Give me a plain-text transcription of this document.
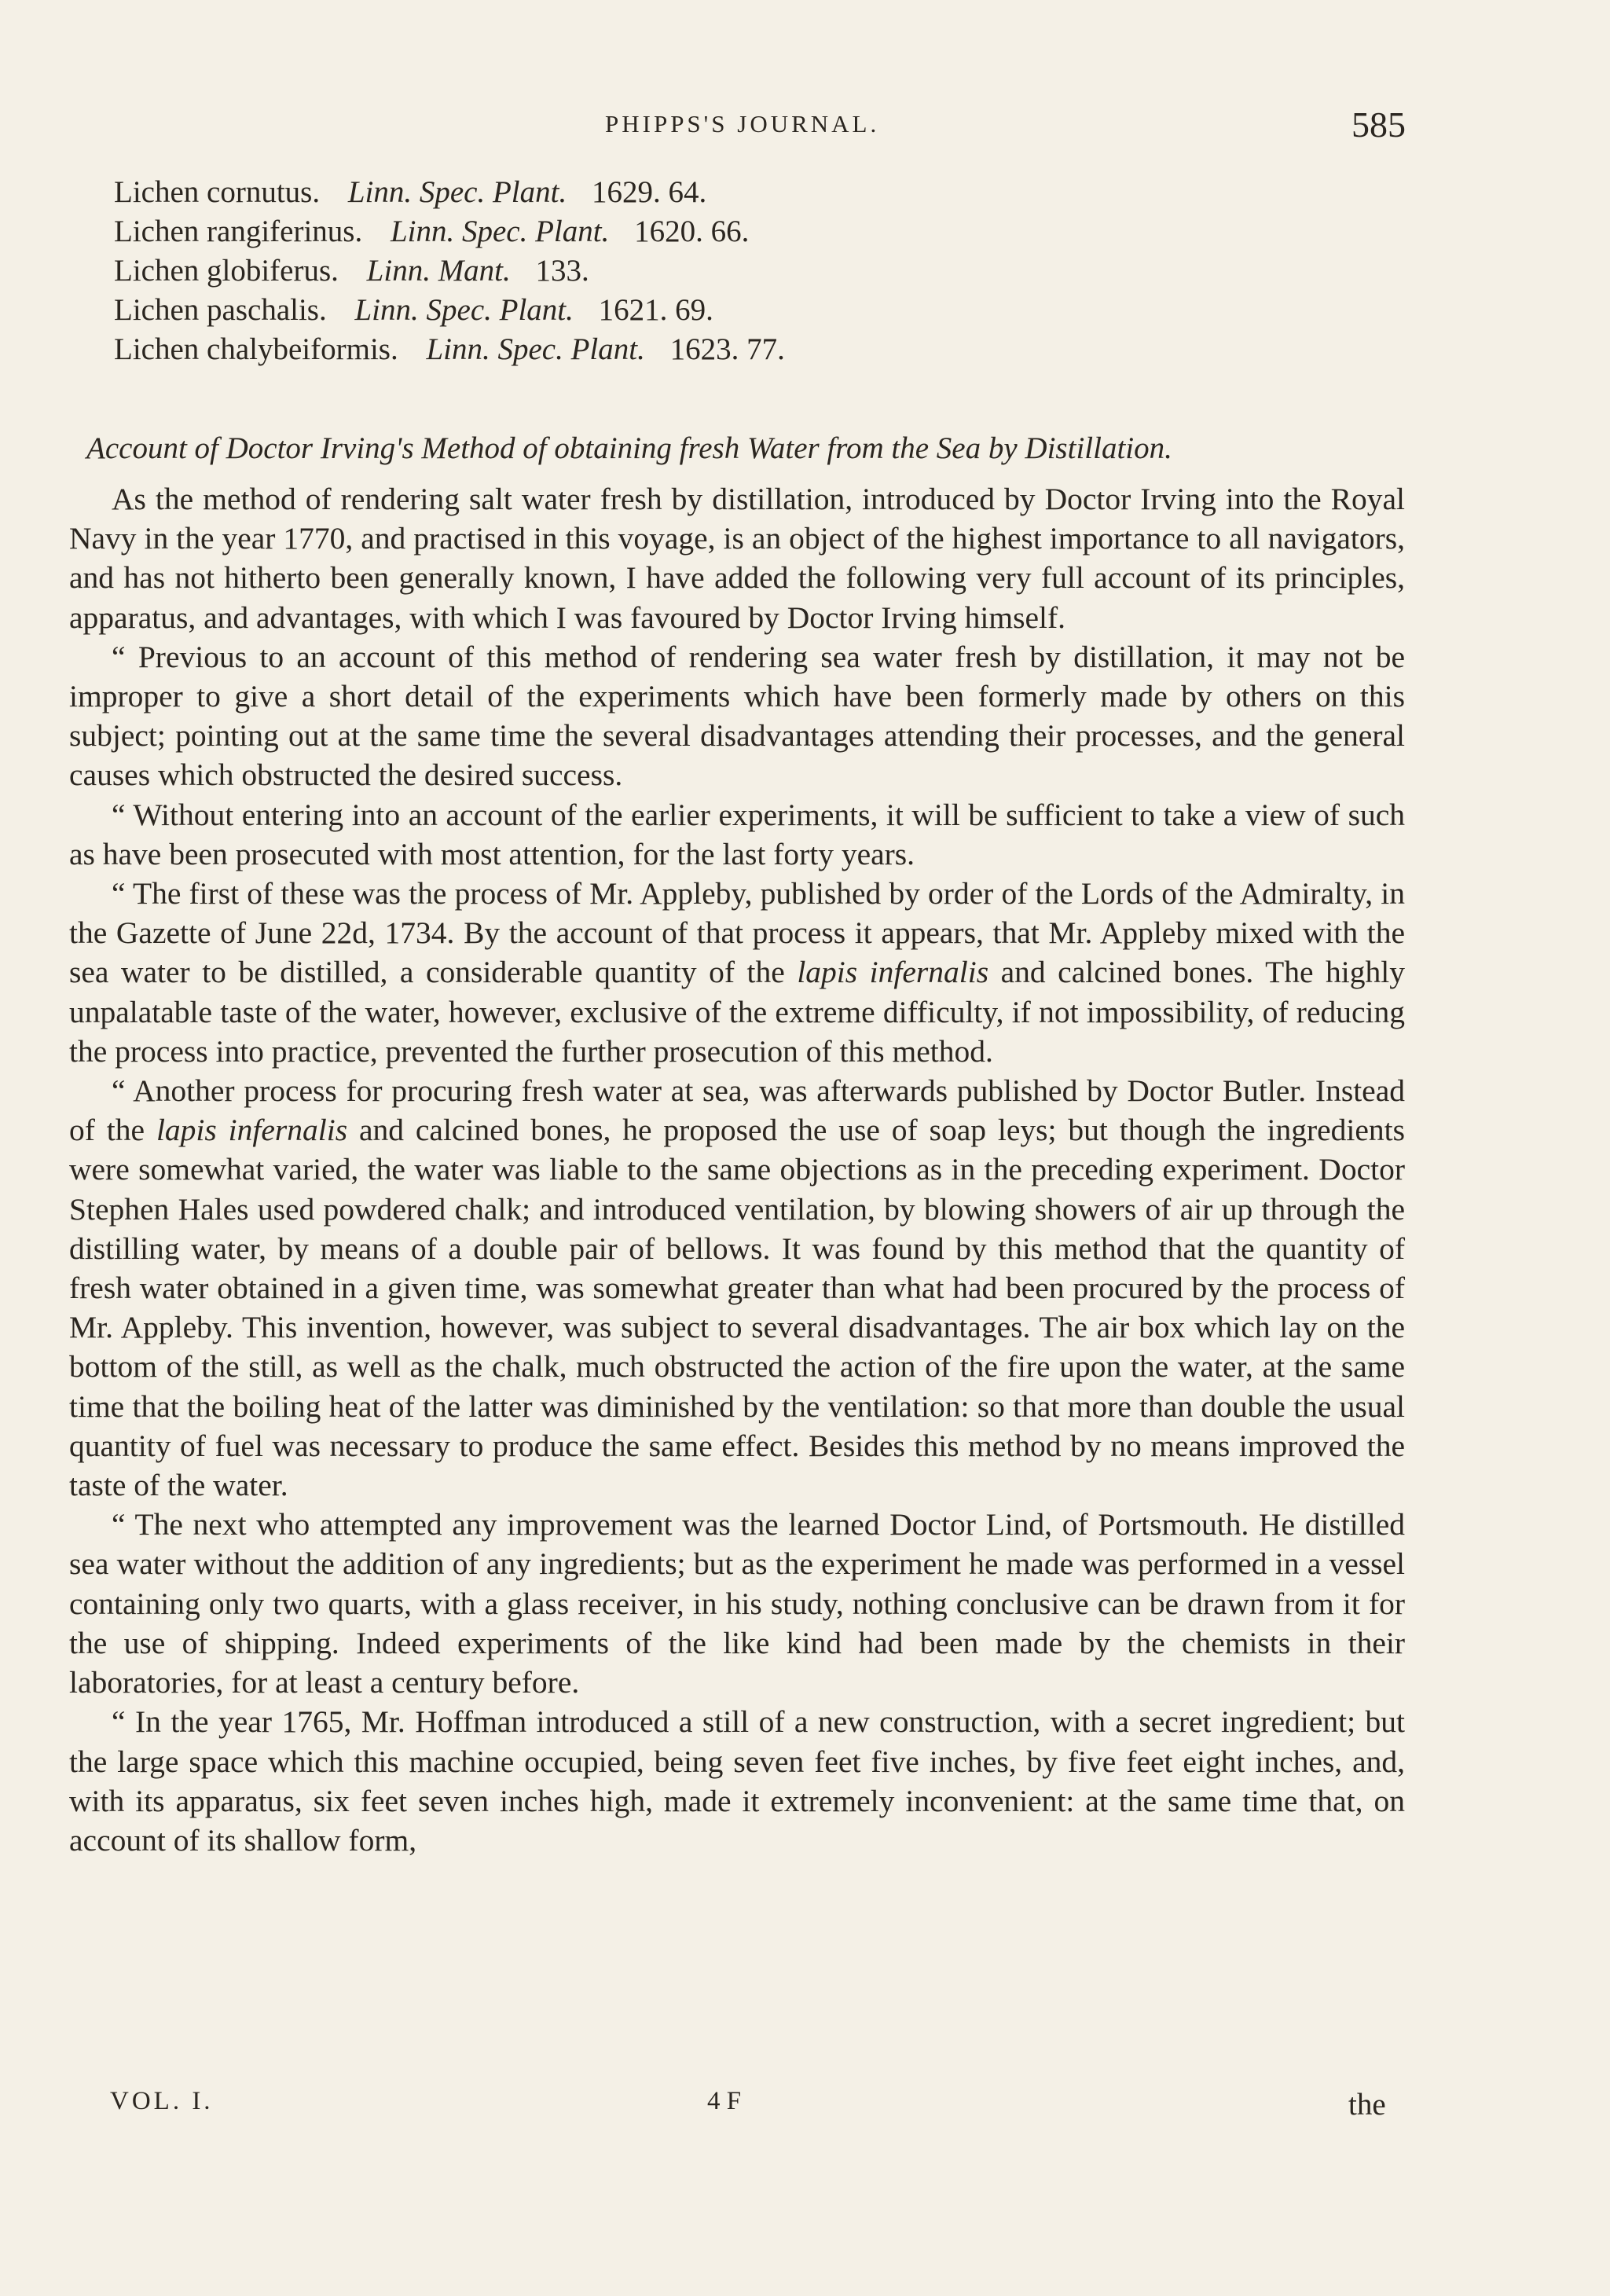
PHIPPS'S JOURNAL.	585
Lichen cornutus. Linn. Spec. Plant. 1629. 64.
Lichen rangiferinus. Linn. Spec. Plant. 1620. 66.
Lichen globiferus. Linn. Mant. 133.
Lichen paschalis. Linn. Spec. Plant. 1621. 69.
Lichen chalybeiformis. Linn. Spec. Plant. 1623. 77.
Account of Doctor Irving's Method of obtaining fresh Water from the Sea by Distillation.

As the method of rendering salt water fresh by distillation, introduced by Doctor Irving into the Royal Navy in the year 1770, and practised in this voyage, is an object of the highest importance to all navigators, and has not hitherto been generally known, I have added the following very full account of its principles, apparatus, and advantages, with which I was favoured by Doctor Irving himself.

“ Previous to an account of this method of rendering sea water fresh by distillation, it may not be improper to give a short detail of the experiments which have been formerly made by others on this subject; pointing out at the same time the several disadvantages attending their processes, and the general causes which obstructed the desired success.

“ Without entering into an account of the earlier experiments, it will be sufficient to take a view of such as have been prosecuted with most attention, for the last forty years.

“ The first of these was the process of Mr. Appleby, published by order of the Lords of the Admiralty, in the Gazette of June 22d, 1734. By the account of that process it appears, that Mr. Appleby mixed with the sea water to be distilled, a considerable quantity of the lapis infernalis and calcined bones. The highly unpalatable taste of the water, however, exclusive of the extreme difficulty, if not impossibility, of reducing the process into practice, prevented the further prosecution of this method.

“ Another process for procuring fresh water at sea, was afterwards published by Doctor Butler. Instead of the lapis infernalis and calcined bones, he proposed the use of soap leys; but though the ingredients were somewhat varied, the water was liable to the same objections as in the preceding experiment. Doctor Stephen Hales used powdered chalk; and introduced ventilation, by blowing showers of air up through the distilling water, by means of a double pair of bellows. It was found by this method that the quantity of fresh water obtained in a given time, was somewhat greater than what had been procured by the process of Mr. Appleby. This invention, however, was subject to several disadvantages. The air box which lay on the bottom of the still, as well as the chalk, much obstructed the action of the fire upon the water, at the same time that the boiling heat of the latter was diminished by the ventilation: so that more than double the usual quantity of fuel was necessary to produce the same effect. Besides this method by no means improved the taste of the water.

“ The next who attempted any improvement was the learned Doctor Lind, of Portsmouth. He distilled sea water without the addition of any ingredients; but as the experiment he made was performed in a vessel containing only two quarts, with a glass receiver, in his study, nothing conclusive can be drawn from it for the use of shipping. Indeed experiments of the like kind had been made by the chemists in their laboratories, for at least a century before.

“ In the year 1765, Mr. Hoffman introduced a still of a new construction, with a secret ingredient; but the large space which this machine occupied, being seven feet five inches, by five feet eight inches, and, with its apparatus, six feet seven inches high, made it extremely inconvenient: at the same time that, on account of its shallow form,

VOL. I.	4 F	the
